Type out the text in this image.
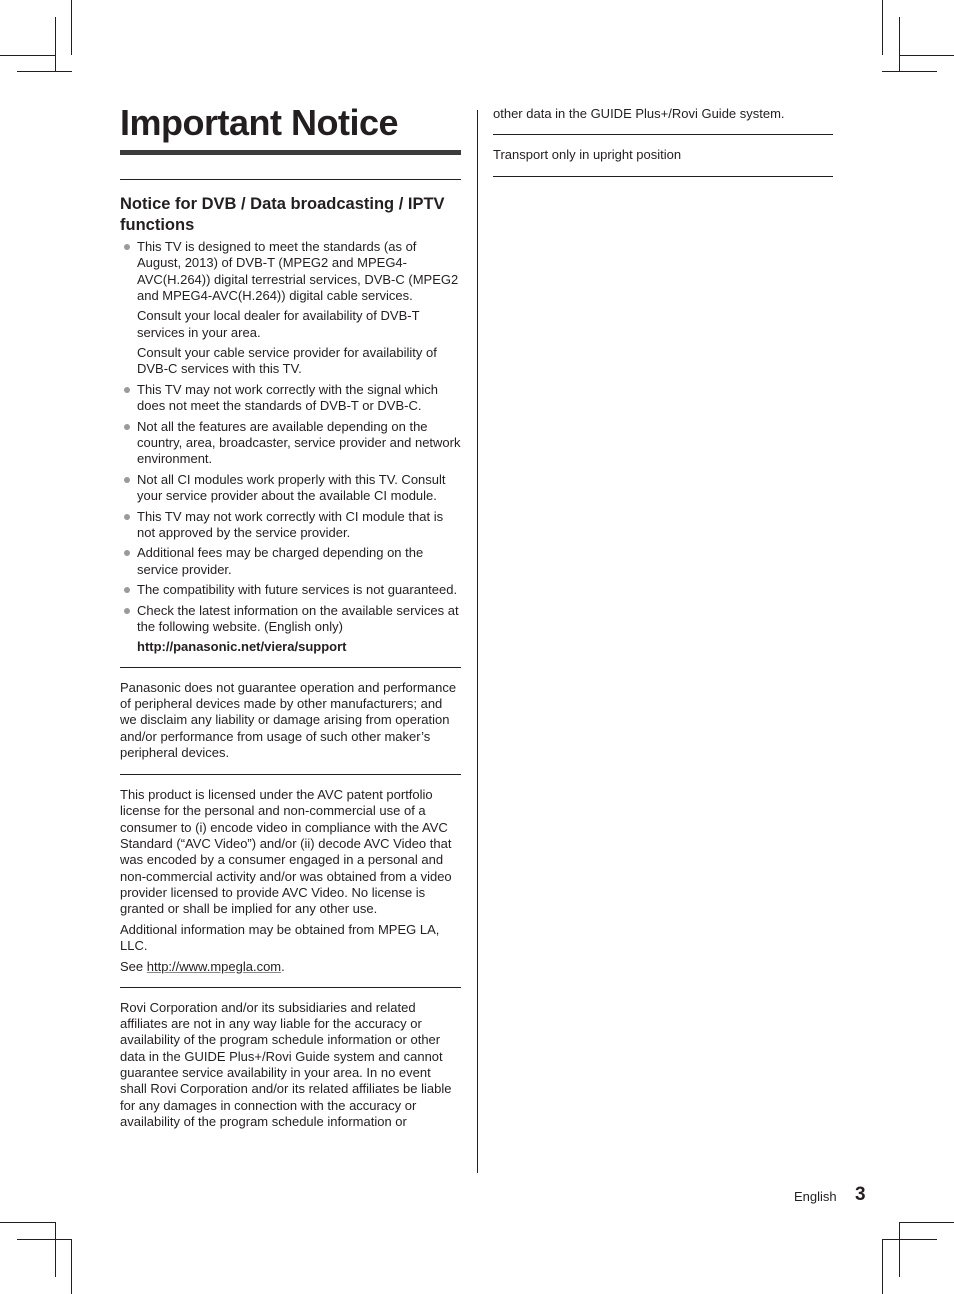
Important Notice
Notice for DVB / Data broadcasting / IPTV functions
This TV is designed to meet the standards (as of August, 2013) of DVB-T (MPEG2 and MPEG4-AVC(H.264)) digital terrestrial services, DVB-C (MPEG2 and MPEG4-AVC(H.264)) digital cable services.
Consult your local dealer for availability of DVB-T services in your area.
Consult your cable service provider for availability of DVB-C services with this TV.
This TV may not work correctly with the signal which does not meet the standards of DVB-T or DVB-C.
Not all the features are available depending on the country, area, broadcaster, service provider and network environment.
Not all CI modules work properly with this TV. Consult your service provider about the available CI module.
This TV may not work correctly with CI module that is not approved by the service provider.
Additional fees may be charged depending on the service provider.
The compatibility with future services is not guaranteed.
Check the latest information on the available services at the following website. (English only)
http://panasonic.net/viera/support

Panasonic does not guarantee operation and performance of peripheral devices made by other manufacturers; and we disclaim any liability or damage arising from operation and/or performance from usage of such other maker’s peripheral devices.

This product is licensed under the AVC patent portfolio license for the personal and non-commercial use of a consumer to (i) encode video in compliance with the AVC Standard (“AVC Video”) and/or (ii) decode AVC Video that was encoded by a consumer engaged in a personal and non-commercial activity and/or was obtained from a video provider licensed to provide AVC Video. No license is granted or shall be implied for any other use.

Additional information may be obtained from MPEG LA, LLC.

See http://www.mpegla.com.

Rovi Corporation and/or its subsidiaries and related affiliates are not in any way liable for the accuracy or availability of the program schedule information or other data in the GUIDE Plus+/Rovi Guide system and cannot guarantee service availability in your area. In no event shall Rovi Corporation and/or its related affiliates be liable for any damages in connection with the accuracy or availability of the program schedule information or

other data in the GUIDE Plus+/Rovi Guide system.

Transport only in upright position

English 3
